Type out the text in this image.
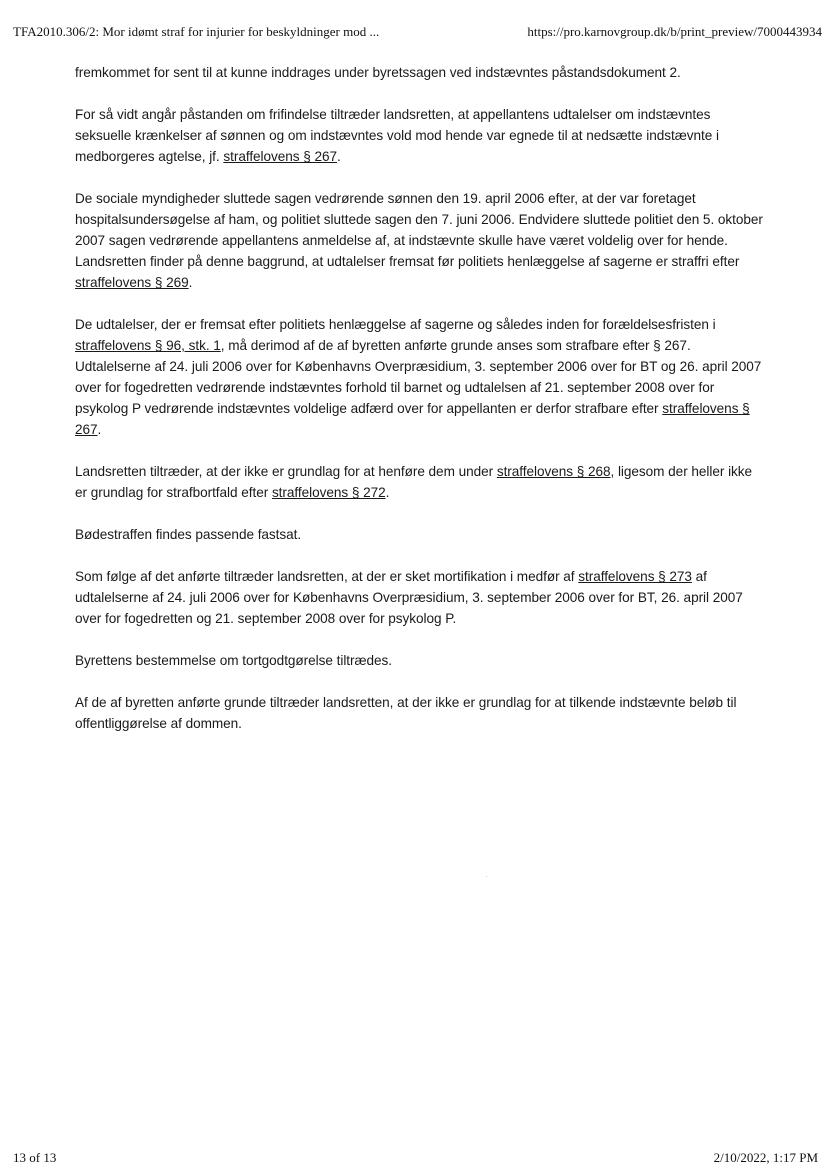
TFA2010.306/2: Mor idømt straf for injurier for beskyldninger mod ...	https://pro.karnovgroup.dk/b/print_preview/7000443934

fremkommet for sent til at kunne inddrages under byretssagen ved indstævntes påstandsdokument 2.

For så vidt angår påstanden om frifindelse tiltræder landsretten, at appellantens udtalelser om indstævntes seksuelle krænkelser af sønnen og om indstævntes vold mod hende var egnede til at nedsætte indstævnte i medborgeres agtelse, jf. straffelovens § 267.

De sociale myndigheder sluttede sagen vedrørende sønnen den 19. april 2006 efter, at der var foretaget hospitalsundersøgelse af ham, og politiet sluttede sagen den 7. juni 2006. Endvidere sluttede politiet den 5. oktober 2007 sagen vedrørende appellantens anmeldelse af, at indstævnte skulle have været voldelig over for hende. Landsretten finder på denne baggrund, at udtalelser fremsat før politiets henlæggelse af sagerne er straffri efter straffelovens § 269.

De udtalelser, der er fremsat efter politiets henlæggelse af sagerne og således inden for forældelsesfristen i straffelovens § 96, stk. 1, må derimod af de af byretten anførte grunde anses som strafbare efter § 267. Udtalelserne af 24. juli 2006 over for Københavns Overpræsidium, 3. september 2006 over for BT og 26. april 2007 over for fogedretten vedrørende indstævntes forhold til barnet og udtalelsen af 21. september 2008 over for psykolog P vedrørende indstævntes voldelige adfærd over for appellanten er derfor strafbare efter straffelovens § 267.

Landsretten tiltræder, at der ikke er grundlag for at henføre dem under straffelovens § 268, ligesom der heller ikke er grundlag for strafbortfald efter straffelovens § 272.

Bødestraffen findes passende fastsat.

Som følge af det anførte tiltræder landsretten, at der er sket mortifikation i medfør af straffelovens § 273 af udtalelserne af 24. juli 2006 over for Københavns Overpræsidium, 3. september 2006 over for BT, 26. april 2007 over for fogedretten og 21. september 2008 over for psykolog P.

Byrettens bestemmelse om tortgodtgørelse tiltrædes.

Af de af byretten anførte grunde tiltræder landsretten, at der ikke er grundlag for at tilkende indstævnte beløb til offentliggørelse af dommen.

13 of 13	2/10/2022, 1:17 PM
